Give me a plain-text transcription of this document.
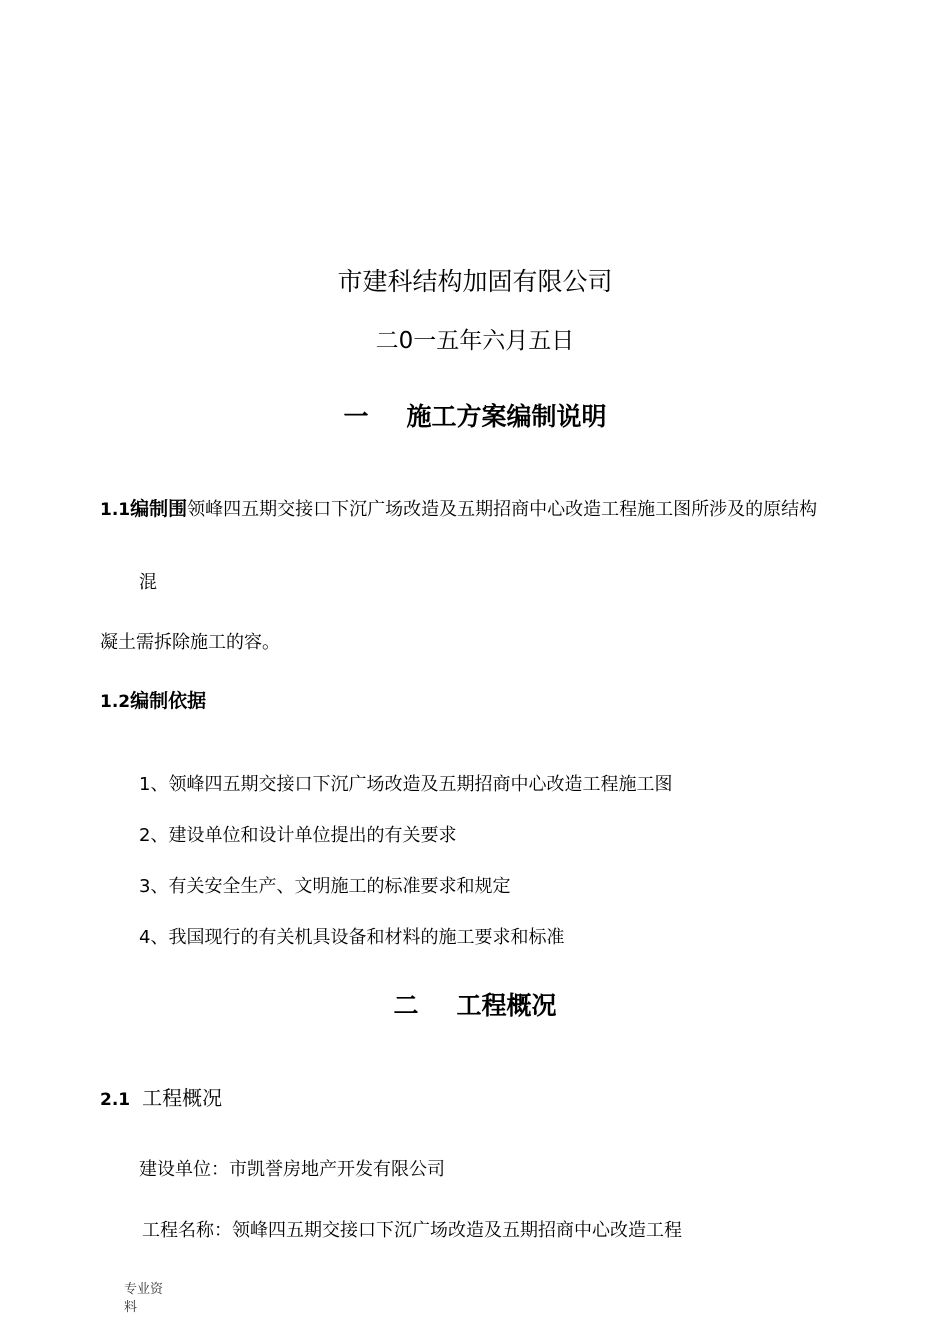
市建科结构加固有限公司
二0一五年六月五日
一 施工方案编制说明
1.1编制围领峰四五期交接口下沉广场改造及五期招商中心改造工程施工图所涉及的原结构
混
凝土需拆除施工的容。
1.2编制依据
1、领峰四五期交接口下沉广场改造及五期招商中心改造工程施工图
2、建设单位和设计单位提出的有关要求
3、有关安全生产、文明施工的标准要求和规定
4、我国现行的有关机具设备和材料的施工要求和标准
二 工程概况
2.1 工程概况
建设单位：市凯誉房地产开发有限公司
工程名称：领峰四五期交接口下沉广场改造及五期招商中心改造工程
专业资
料
